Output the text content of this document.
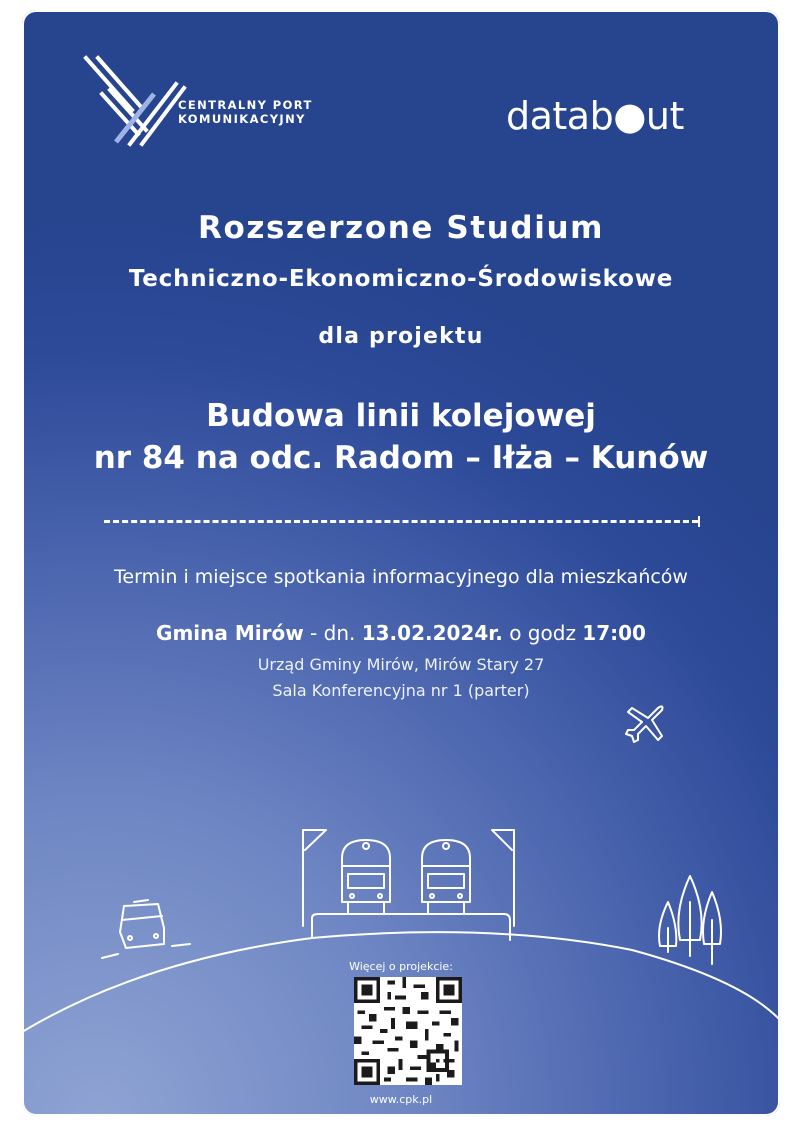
CENTRALNY PORT
KOMUNIKACYJNY	datab●ut
Rozszerzone Studium
Techniczno-Ekonomiczno-Środowiskowe
dla projektu
Budowa linii kolejowej
nr 84 na odc. Radom – Iłża – Kunów
Termin i miejsce spotkania informacyjnego dla mieszkańców
Gmina Mirów - dn. 13.02.2024r. o godz 17:00
Urząd Gminy Mirów, Mirów Stary 27
Sala Konferencyjna nr 1 (parter)
Więcej o projekcie:
www.cpk.pl
